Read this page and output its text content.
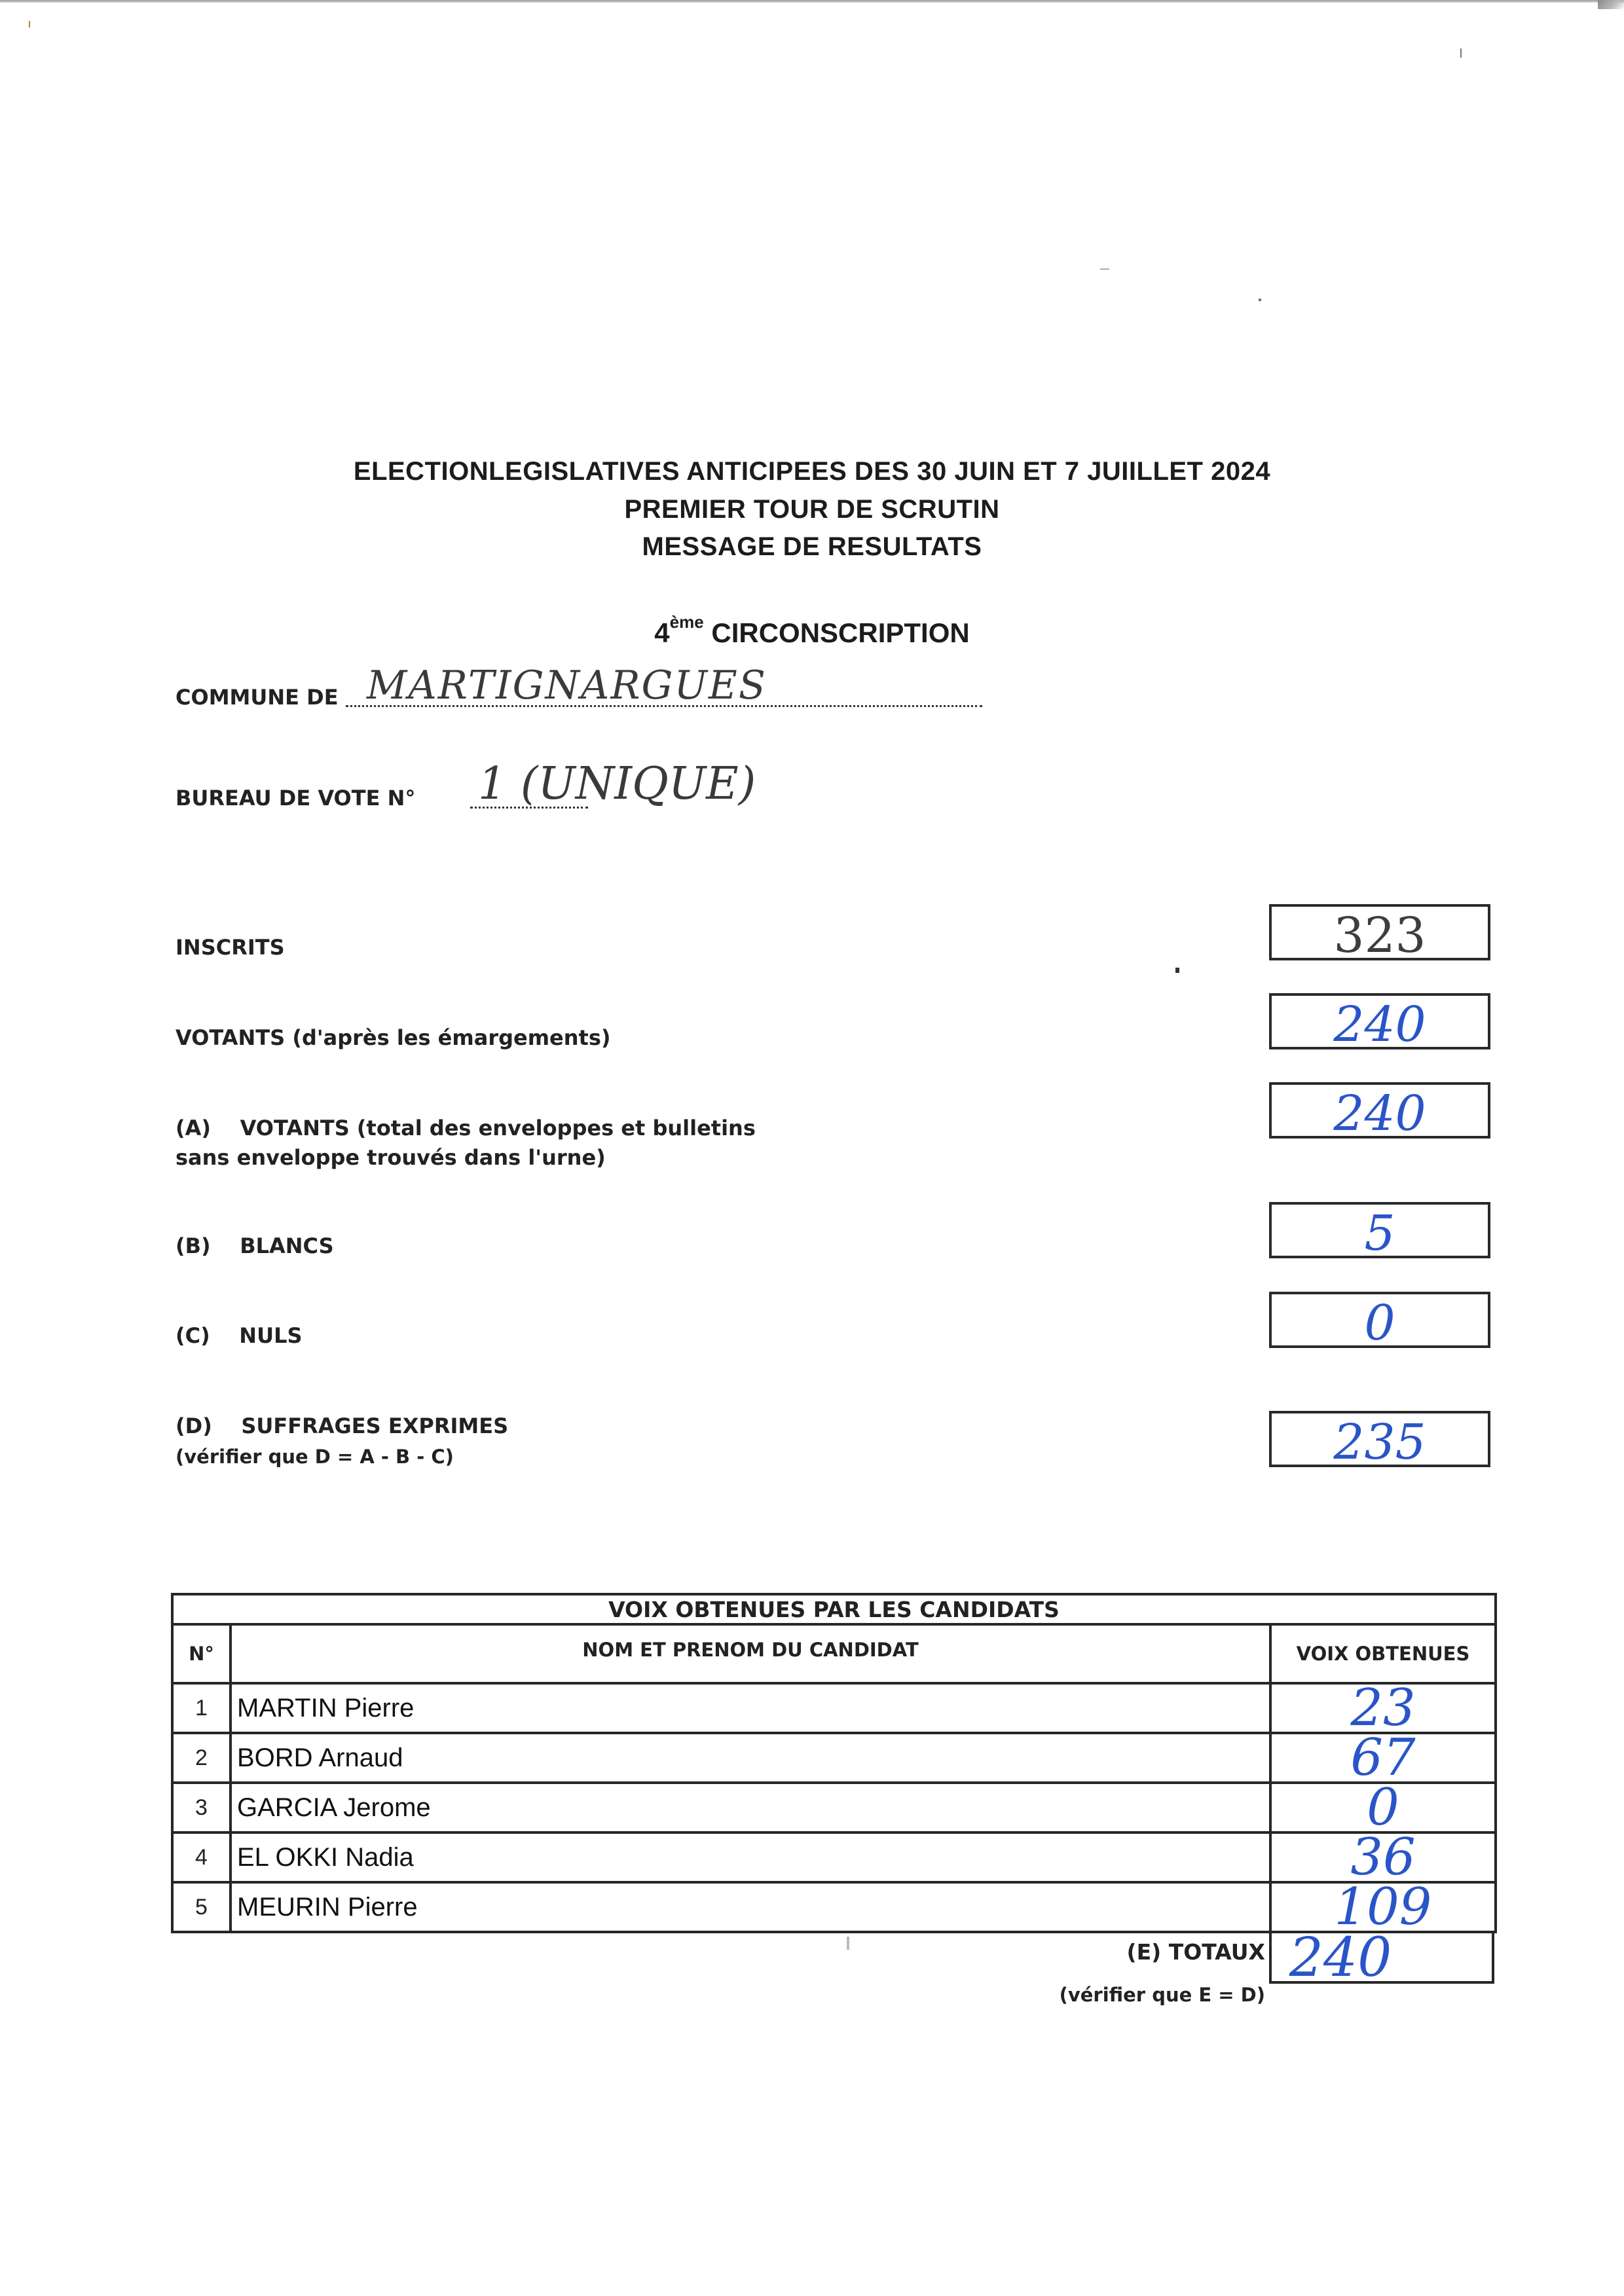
ELECTIONLEGISLATIVES ANTICIPEES DES 30 JUIN ET 7 JUIILLET 2024
PREMIER TOUR DE SCRUTIN
MESSAGE DE RESULTATS
4ème CIRCONSCRIPTION
COMMUNE DE MARTIGNARGUES
BUREAU DE VOTE N° 1 (UNIQUE)
INSCRITS	323
VOTANTS (d'après les émargements)	240
(A) VOTANTS (total des enveloppes et bulletins
sans enveloppe trouvés dans l'urne)
240
(B) BLANCS	5
(C) NULS	0
(D) SUFFRAGES EXPRIMES
(vérifier que D = A - B - C)	235
VOIX OBTENUES PAR LES CANDIDATS		
N°	NOM ET PRENOM DU CANDIDAT	VOIX OBTENUES
1	MARTIN Pierre	23

2	BORD Arnaud	67

3	GARCIA Jerome	0

4	EL OKKI Nadia	36

5	MEURIN Pierre	109
(E) TOTAUX 240
(vérifier que E = D)
